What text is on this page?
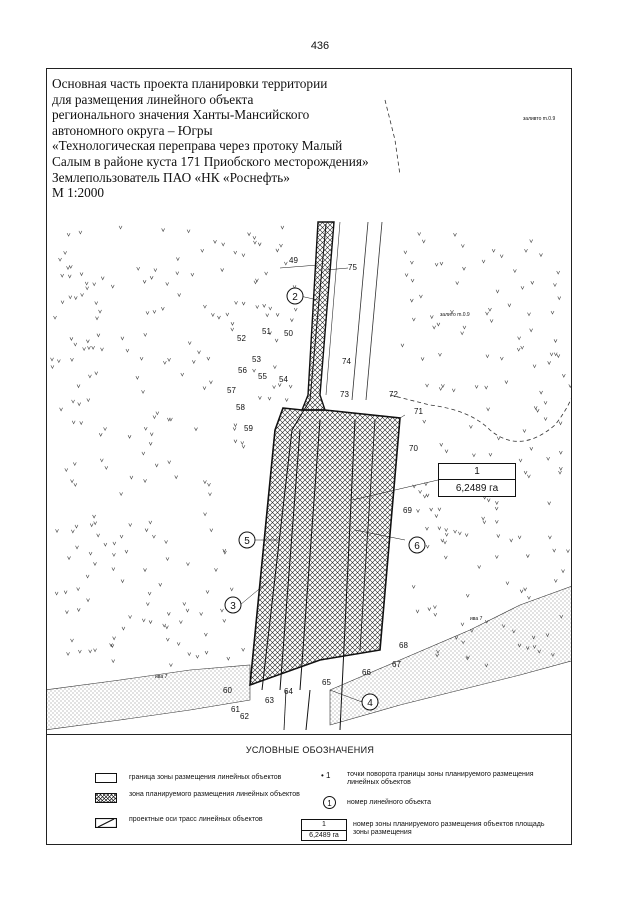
436
Основная часть проекта планировки территории
для размещения линейного объекта
регионального значения Ханты-Мансийского
автономного округа – Югры
«Технологическая переправа через протоку Малый
Салым в районе куста 171 Приобского месторождения»
Землепользователь ПАО «НК «Роснефть»
М 1:2000
2
3
4
5	6
заливто m.0.9
залито m.0.9
ива 7
ива 7
49
50
51
52
53
54
55
56
57
58
59
60
61
62
63
64
65
66
67
68
69
70
71
72
73
74
75
1
6,2489 га
УСЛОВНЫЕ ОБОЗНАЧЕНИЯ
граница зоны размещения линейных объектов
зона планируемого размещения линейных объектов
проектные оси трасс линейных объектов
• 1 точки поворота границы зоны планируемого размещения линейных объектов
1	номер линейного объекта
1
6,2489 га
номер зоны планируемого размещения объектов площадь зоны размещения
